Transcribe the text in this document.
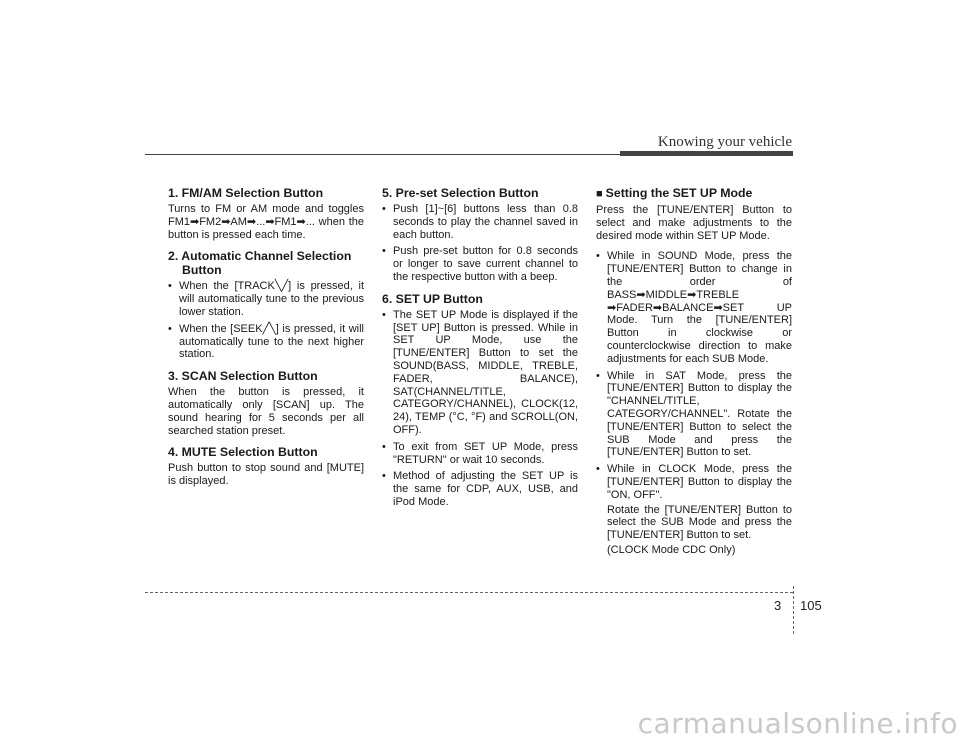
Knowing your vehicle
1. FM/AM Selection Button

Turns to FM or AM mode and toggles FM1➡FM2➡AM➡...➡FM1➡... when the button is pressed each time.

2. Automatic Channel Selection Button
• When the [TRACK╲╱] is pressed, it will automatically tune to the previous lower station.
• When the [SEEK╱╲] is pressed, it will automatically tune to the next higher station.
3. SCAN Selection Button

When the button is pressed, it automatically only [SCAN] up. The sound hearing for 5 seconds per all searched station preset.

4. MUTE Selection Button

Push button to stop sound and [MUTE] is displayed.

5. Pre-set Selection Button
• Push [1]~[6] buttons less than 0.8 seconds to play the channel saved in each button.
• Push pre-set button for 0.8 seconds or longer to save current channel to the respective button with a beep.
6. SET UP Button
• The SET UP Mode is displayed if the [SET UP] Button is pressed. While in SET UP Mode, use the [TUNE/ENTER] Button to set the SOUND(BASS, MIDDLE, TREBLE, FADER, BALANCE), SAT(CHANNEL/TITLE, CATEGORY/CHANNEL), CLOCK(12, 24), TEMP (°C, °F) and SCROLL(ON, OFF).
• To exit from SET UP Mode, press "RETURN" or wait 10 seconds.
• Method of adjusting the SET UP is the same for CDP, AUX, USB, and iPod Mode.
■ Setting the SET UP Mode

Press the [TUNE/ENTER] Button to select and make adjustments to the desired mode within SET UP Mode.

• While in SOUND Mode, press the [TUNE/ENTER] Button to change in the order of BASS➡MIDDLE➡TREBLE ➡FADER➡BALANCE➡SET UP Mode. Turn the [TUNE/ENTER] Button in clockwise or counterclockwise direction to make adjustments for each SUB Mode.
• While in SAT Mode, press the [TUNE/ENTER] Button to display the "CHANNEL/TITLE, CATEGORY/CHANNEL". Rotate the [TUNE/ENTER] Button to select the SUB Mode and press the [TUNE/ENTER] Button to set.
• While in CLOCK Mode, press the [TUNE/ENTER] Button to display the "ON, OFF".
Rotate the [TUNE/ENTER] Button to select the SUB Mode and press the [TUNE/ENTER] Button to set.
(CLOCK Mode CDC Only)
3 105
carmanualsonline.info
